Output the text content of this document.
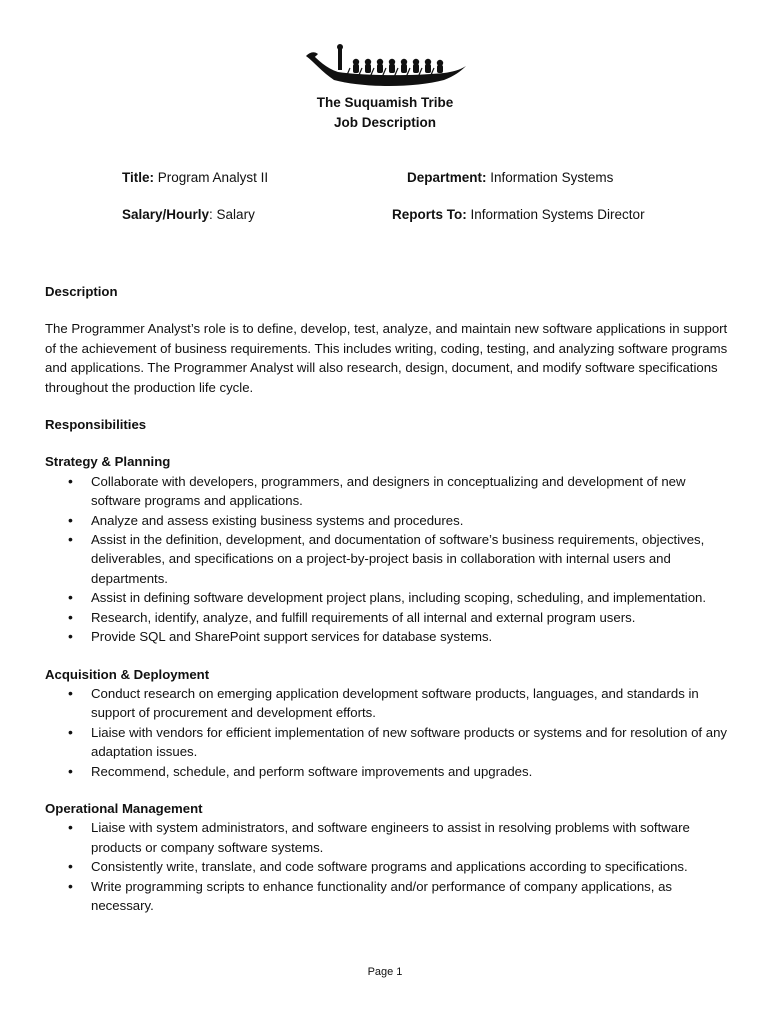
The Suquamish Tribe
Job Description
Title: Program Analyst II	Department: Information Systems
Salary/Hourly: Salary	Reports To: Information Systems Director

Description

The Programmer Analyst’s role is to define, develop, test, analyze, and maintain new software applications in support of the achievement of business requirements. This includes writing, coding, testing, and analyzing software programs and applications. The Programmer Analyst will also research, design, document, and modify software specifications throughout the production life cycle.

Responsibilities

Strategy & Planning

• Collaborate with developers, programmers, and designers in conceptualizing and development of new software programs and applications.
• Analyze and assess existing business systems and procedures.
• Assist in the definition, development, and documentation of software’s business requirements, objectives, deliverables, and specifications on a project-by-project basis in collaboration with internal users and departments.
• Assist in defining software development project plans, including scoping, scheduling, and implementation.
• Research, identify, analyze, and fulfill requirements of all internal and external program users.
• Provide SQL and SharePoint support services for database systems.

Acquisition & Deployment

• Conduct research on emerging application development software products, languages, and standards in support of procurement and development efforts.
• Liaise with vendors for efficient implementation of new software products or systems and for resolution of any adaptation issues.
• Recommend, schedule, and perform software improvements and upgrades.

Operational Management

• Liaise with system administrators, and software engineers to assist in resolving problems with software products or company software systems.
• Consistently write, translate, and code software programs and applications according to specifications.
• Write programming scripts to enhance functionality and/or performance of company applications, as necessary.
Page 1
